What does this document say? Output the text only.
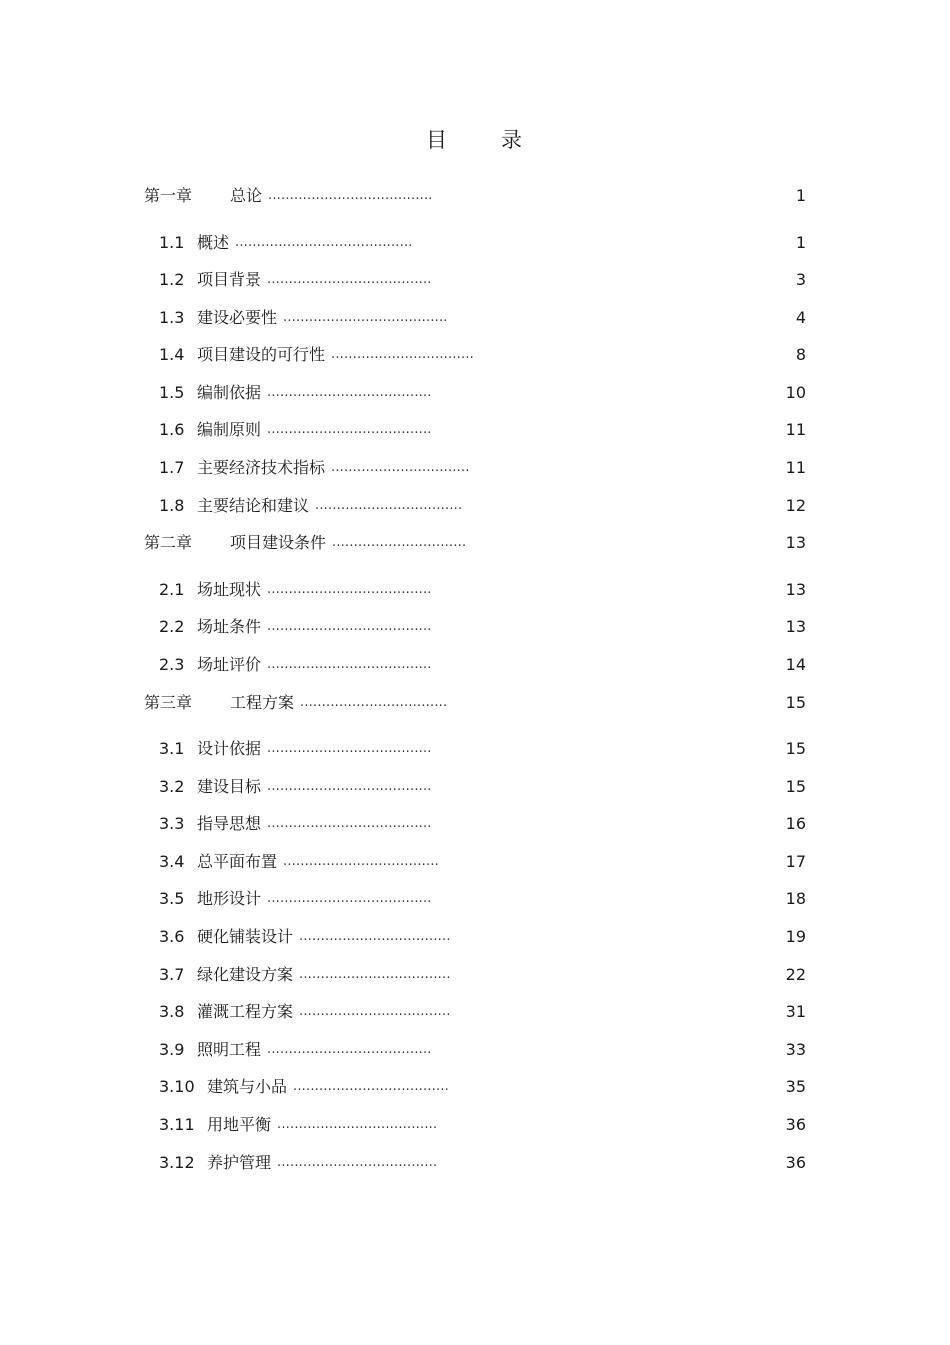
目 录
第一章 总论 ......................................	1
1.1 概述 .........................................	1
1.2 项目背景 ......................................	3
1.3 建设必要性 ......................................	4
1.4 项目建设的可行性 .................................	8
1.5 编制依据 ......................................	10
1.6 编制原则 ......................................	11
1.7 主要经济技术指标 ................................	11
1.8 主要结论和建议 ..................................	12
第二章 项目建设条件 ...............................	13
2.1 场址现状 ......................................	13
2.2 场址条件 ......................................	13
2.3 场址评价 ......................................	14
第三章 工程方案 ..................................	15
3.1 设计依据 ......................................	15
3.2 建设目标 ......................................	15
3.3 指导思想 ......................................	16
3.4 总平面布置 ....................................	17
3.5 地形设计 ......................................	18
3.6 硬化铺装设计 ...................................	19
3.7 绿化建设方案 ...................................	22
3.8 灌溉工程方案 ...................................	31
3.9 照明工程 ......................................	33
3.10 建筑与小品 ....................................	35
3.11 用地平衡 .....................................	36
3.12 养护管理 .....................................	36
